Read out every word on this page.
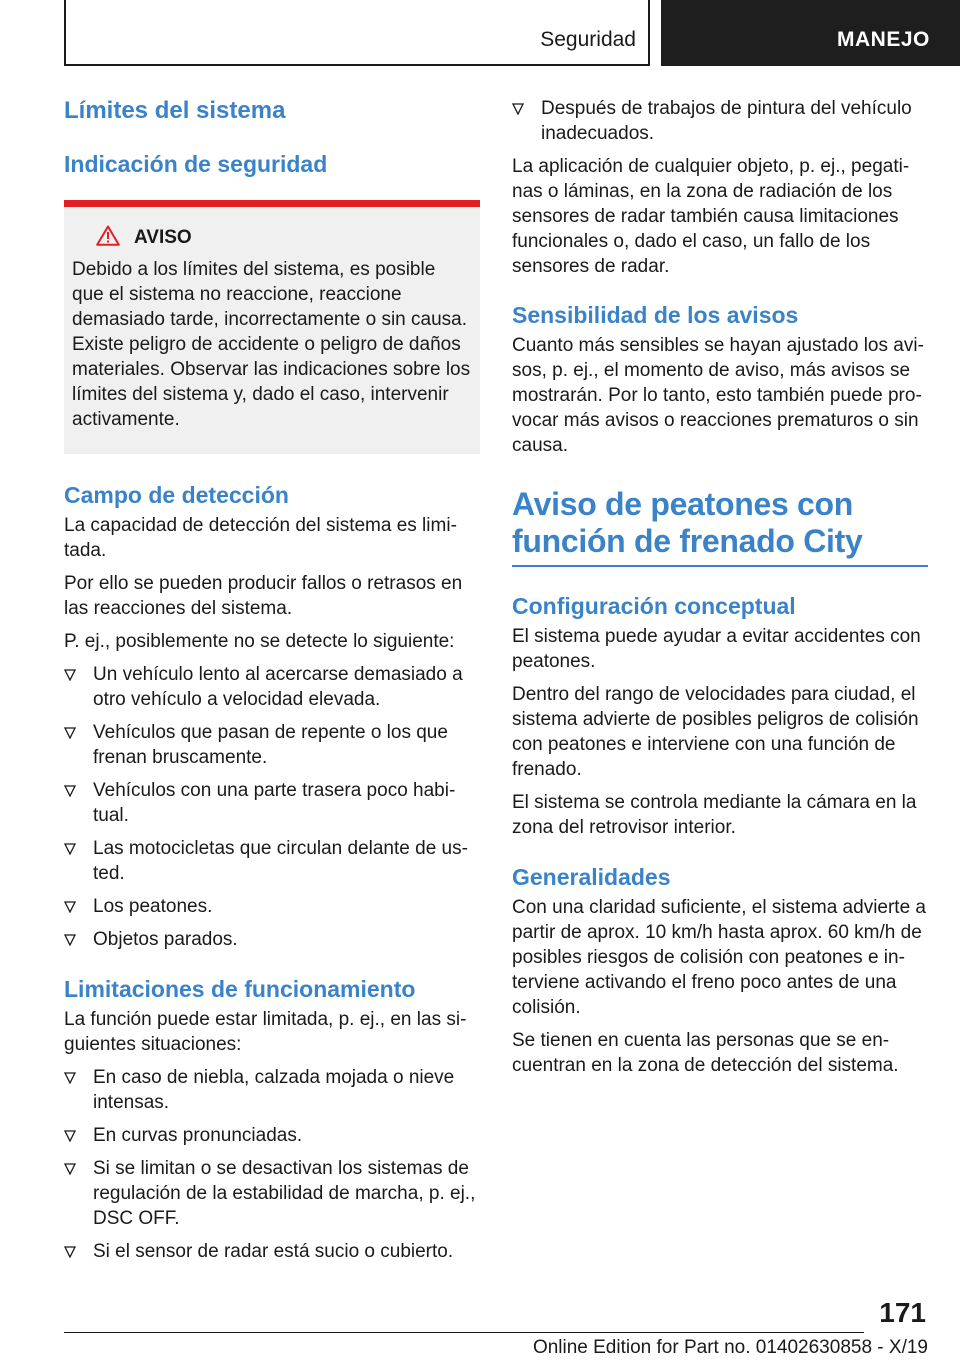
Seguridad	MANEJO
Límites del sistema
Indicación de seguridad
AVISO

Debido a los límites del sistema, es posible que el sistema no reaccione, reaccione demasiado tarde, incorrectamente o sin causa. Existe peligro de accidente o peligro de daños materiales. Observar las indicaciones sobre los límites del sistema y, dado el caso, intervenir activamente.

Campo de detección

La capacidad de detección del sistema es limitada.

Por ello se pueden producir fallos o retrasos en las reacciones del sistema.

P. ej., posiblemente no se detecte lo siguiente:

Un vehículo lento al acercarse demasiado a otro vehículo a velocidad elevada.
Vehículos que pasan de repente o los que frenan bruscamente.
Vehículos con una parte trasera poco habitual.
Las motocicletas que circulan delante de usted.
Los peatones.
Objetos parados.
Limitaciones de funcionamiento

La función puede estar limitada, p. ej., en las siguientes situaciones:

En caso de niebla, calzada mojada o nieve intensas.
En curvas pronunciadas.
Si se limitan o se desactivan los sistemas de regulación de la estabilidad de marcha, p. ej., DSC OFF.
Si el sensor de radar está sucio o cubierto.
Después de trabajos de pintura del vehículo inadecuados.

La aplicación de cualquier objeto, p. ej., pegatinas o láminas, en la zona de radiación de los sensores de radar también causa limitaciones funcionales o, dado el caso, un fallo de los sensores de radar.

Sensibilidad de los avisos

Cuanto más sensibles se hayan ajustado los avisos, p. ej., el momento de aviso, más avisos se mostrarán. Por lo tanto, esto también puede provocar más avisos o reacciones prematuros o sin causa.

Aviso de peatones con función de frenado City
Configuración conceptual

El sistema puede ayudar a evitar accidentes con peatones.

Dentro del rango de velocidades para ciudad, el sistema advierte de posibles peligros de colisión con peatones e interviene con una función de frenado.

El sistema se controla mediante la cámara en la zona del retrovisor interior.

Generalidades

Con una claridad suficiente, el sistema advierte a partir de aprox. 10 km/h hasta aprox. 60 km/h de posibles riesgos de colisión con peatones e interviene activando el freno poco antes de una colisión.

Se tienen en cuenta las personas que se encuentran en la zona de detección del sistema.

171
Online Edition for Part no. 01402630858 - X/19
